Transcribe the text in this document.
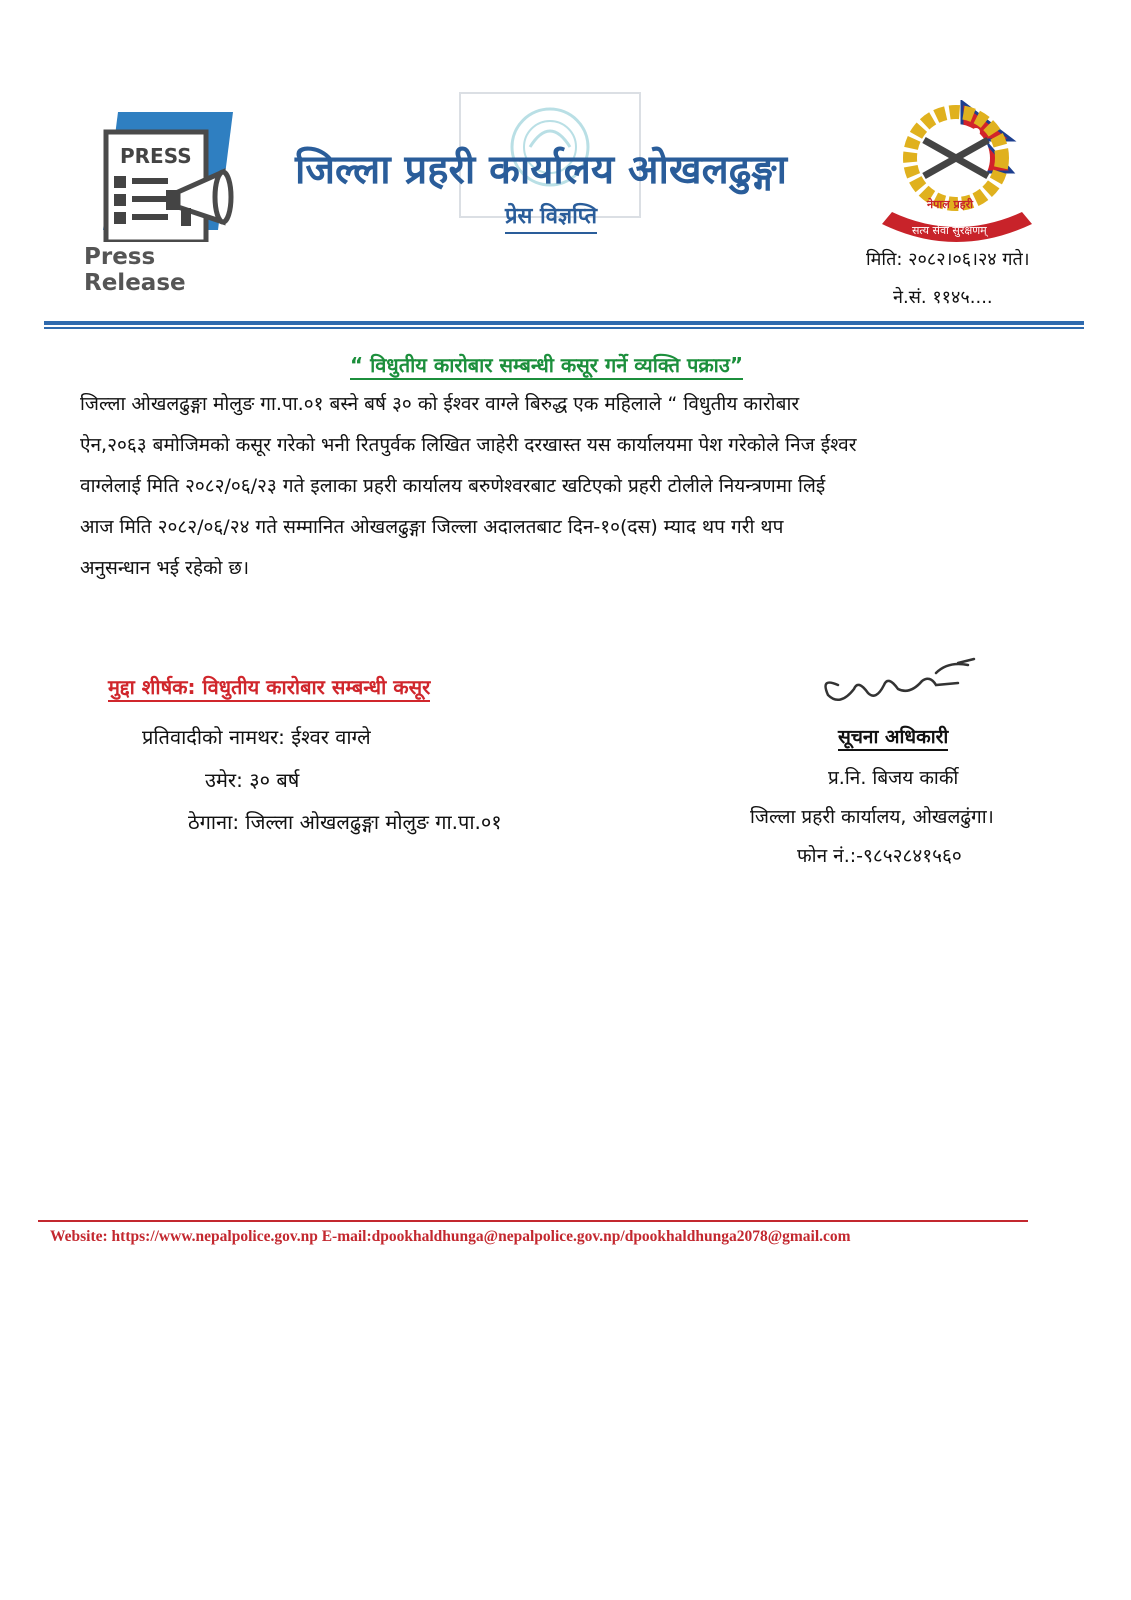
PRESS
Press Release
जिल्ला प्रहरी कार्यालय ओखलढुङ्गा
प्रेस विज्ञप्ति	नेपाल प्रहरी
सत्य सेवा सुरक्षणम्
मिति: २०८२।०६।२४ गते।
ने.सं. ११४५....
“ विधुतीय कारोबार सम्बन्धी कसूर गर्ने व्यक्ति पक्राउ”
जिल्ला ओखलढुङ्गा मोलुङ गा.पा.०१ बस्ने बर्ष ३० को ईश्वर वाग्ले बिरुद्ध एक महिलाले “ विधुतीय कारोबार
ऐन,२०६३ बमोजिमको कसूर गरेको भनी रितपुर्वक लिखित जाहेरी दरखास्त यस कार्यालयमा पेश गरेकोले निज ईश्वर
वाग्लेलाई मिति २०८२/०६/२३ गते इलाका प्रहरी कार्यालय बरुणेश्वरबाट खटिएको प्रहरी टोलीले नियन्त्रणमा लिई
आज मिति २०८२/०६/२४ गते सम्मानित ओखलढुङ्गा जिल्ला अदालतबाट दिन-१०(दस) म्याद थप गरी थप
अनुसन्धान भई रहेको छ।
मुद्दा शीर्षक: विधुतीय कारोबार सम्बन्धी कसूर
प्रतिवादीको नामथर: ईश्वर वाग्ले
उमेर: ३० बर्ष
ठेगाना: जिल्ला ओखलढुङ्गा मोलुङ गा.पा.०१
सूचना अधिकारी
प्र.नि. बिजय कार्की
जिल्ला प्रहरी कार्यालय, ओखलढुंगा।
फोन नं.:-९८५२८४१५६०
Website: https://www.nepalpolice.gov.np E-mail:dpookhaldhunga@nepalpolice.gov.np/dpookhaldhunga2078@gmail.com
